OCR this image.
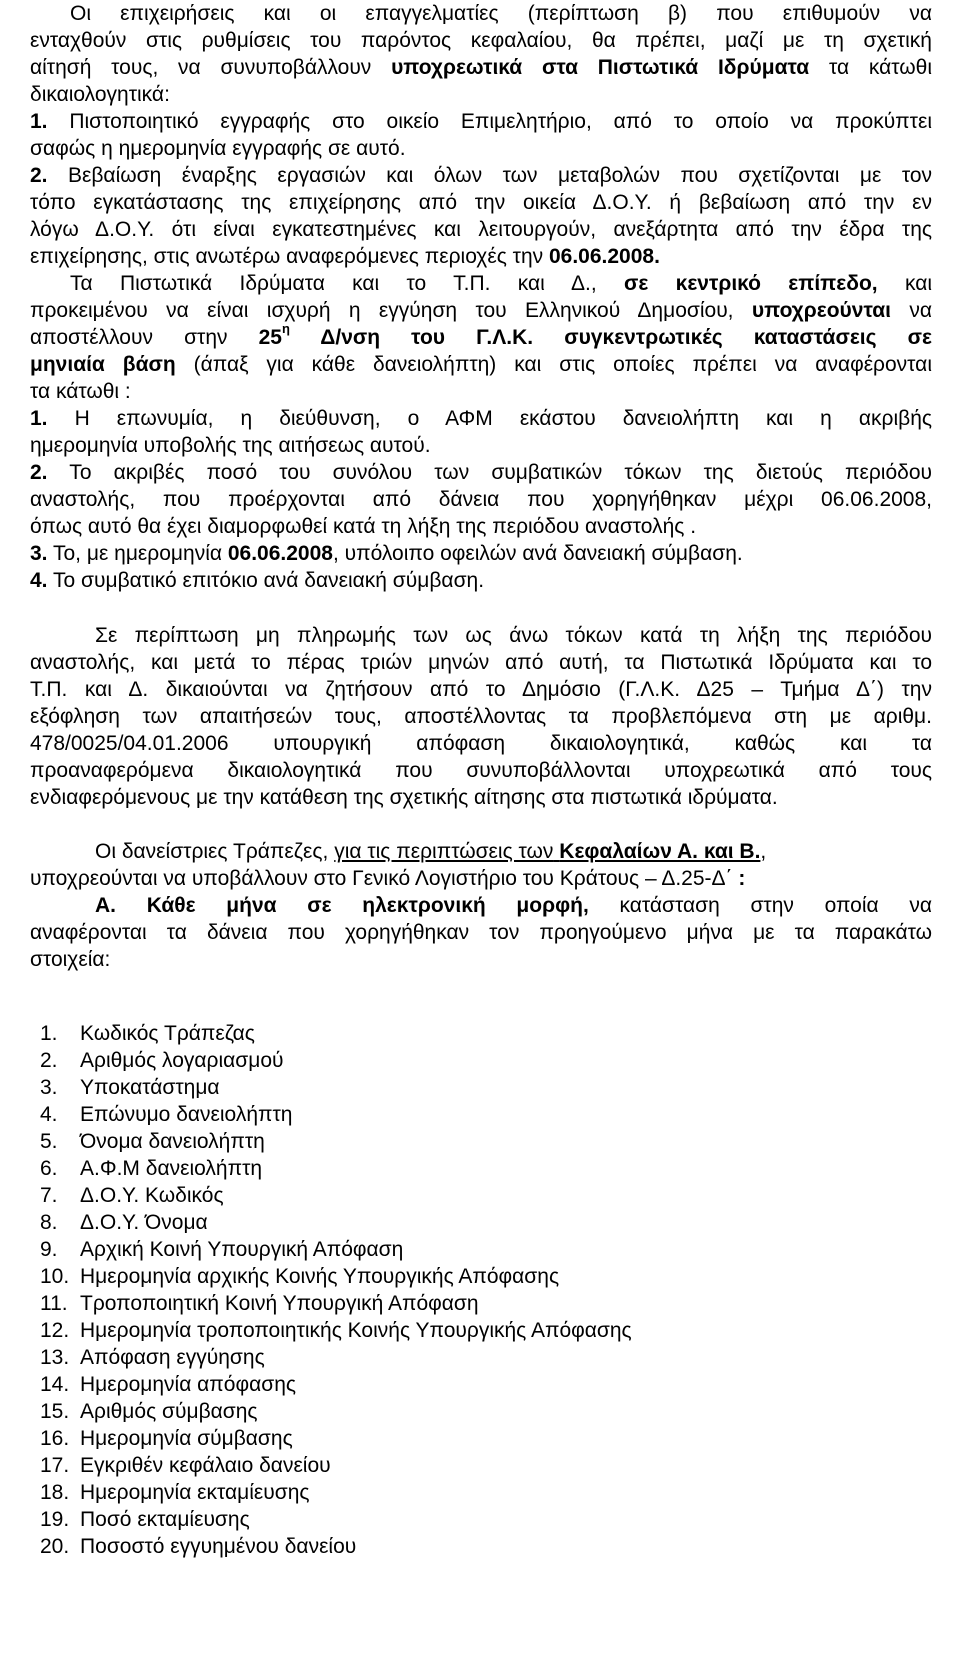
Οι επιχειρήσεις και οι επαγγελματίες (περίπτωση β) που επιθυμούν να
ενταχθούν στις ρυθμίσεις του παρόντος κεφαλαίου, θα πρέπει, μαζί με τη σχετική
αίτησή τους, να συνυποβάλλουν υποχρεωτικά στα Πιστωτικά Ιδρύματα τα κάτωθι
δικαιολογητικά:
1. Πιστοποιητικό εγγραφής στο οικείο Επιμελητήριο, από το οποίο να προκύπτει
σαφώς η ημερομηνία εγγραφής σε αυτό.
2. Βεβαίωση έναρξης εργασιών και όλων των μεταβολών που σχετίζονται με τον
τόπο εγκατάστασης της επιχείρησης από την οικεία Δ.Ο.Υ. ή βεβαίωση από την εν
λόγω Δ.Ο.Υ. ότι είναι εγκατεστημένες και λειτουργούν, ανεξάρτητα από την έδρα της
επιχείρησης, στις ανωτέρω αναφερόμενες περιοχές την 06.06.2008.
Τα Πιστωτικά Ιδρύματα και το Τ.Π. και Δ., σε κεντρικό επίπεδο, και
προκειμένου να είναι ισχυρή η εγγύηση του Ελληνικού Δημοσίου, υποχρεούνται να
αποστέλλουν στην $25^\eta$ Δ/νση του Γ.Λ.Κ. συγκεντρωτικές καταστάσεις σε
μηνιαία βάση (άπαξ για κάθε δανειολήπτη) και στις οποίες πρέπει να αναφέρονται
τα κάτωθι :
1. Η επωνυμία, η διεύθυνση, ο ΑΦΜ εκάστου δανειολήπτη και η ακριβής
ημερομηνία υποβολής της αιτήσεως αυτού.
2. Το ακριβές ποσό του συνόλου των συμβατικών τόκων της διετούς περιόδου
αναστολής, που προέρχονται από δάνεια που χορηγήθηκαν μέχρι 06.06.2008,
όπως αυτό θα έχει διαμορφωθεί κατά τη λήξη της περιόδου αναστολής .
3. Το, με ημερομηνία 06.06.2008, υπόλοιπο οφειλών ανά δανειακή σύμβαση.
4. Το συμβατικό επιτόκιο ανά δανειακή σύμβαση.
Σε περίπτωση μη πληρωμής των ως άνω τόκων κατά τη λήξη της περιόδου
αναστολής, και μετά το πέρας τριών μηνών από αυτή, τα Πιστωτικά Ιδρύματα και το
Τ.Π. και Δ. δικαιούνται να ζητήσουν από το Δημόσιο (Γ.Λ.Κ. Δ25 – Τμήμα Δ΄) την
εξόφληση των απαιτήσεών τους, αποστέλλοντας τα προβλεπόμενα στη με αριθμ.
478/0025/04.01.2006 υπουργική απόφαση δικαιολογητικά, καθώς και τα
προαναφερόμενα δικαιολογητικά που συνυποβάλλονται υποχρεωτικά από τους
ενδιαφερόμενους με την κατάθεση της σχετικής αίτησης στα πιστωτικά ιδρύματα.
Οι δανείστριες Τράπεζες, για τις περιπτώσεις των Κεφαλαίων Α. και Β.,
υποχρεούνται να υποβάλλουν στο Γενικό Λογιστήριο του Κράτους – Δ.25-Δ΄ :
Α. Κάθε μήνα σε ηλεκτρονική μορφή, κατάσταση στην οποία να
αναφέρονται τα δάνεια που χορηγήθηκαν τον προηγούμενο μήνα με τα παρακάτω
στοιχεία:
1.	Κωδικός Τράπεζας
2.	Αριθμός λογαριασμού
3.	Υποκατάστημα
4.	Επώνυμο δανειολήπτη
5.	Όνομα δανειολήπτη
6.	Α.Φ.Μ δανειολήπτη
7.	Δ.Ο.Υ. Κωδικός
8.	Δ.Ο.Υ. Όνομα
9.	Αρχική Κοινή Υπουργική Απόφαση
10. Ημερομηνία αρχικής Κοινής Υπουργικής Απόφασης
11. Τροποποιητική Κοινή Υπουργική Απόφαση
12. Ημερομηνία τροποποιητικής Κοινής Υπουργικής Απόφασης
13. Απόφαση εγγύησης
14. Ημερομηνία απόφασης
15. Αριθμός σύμβασης
16. Ημερομηνία σύμβασης
17. Εγκριθέν κεφάλαιο δανείου
18. Ημερομηνία εκταμίευσης
19. Ποσό εκταμίευσης
20. Ποσοστό εγγυημένου δανείου
